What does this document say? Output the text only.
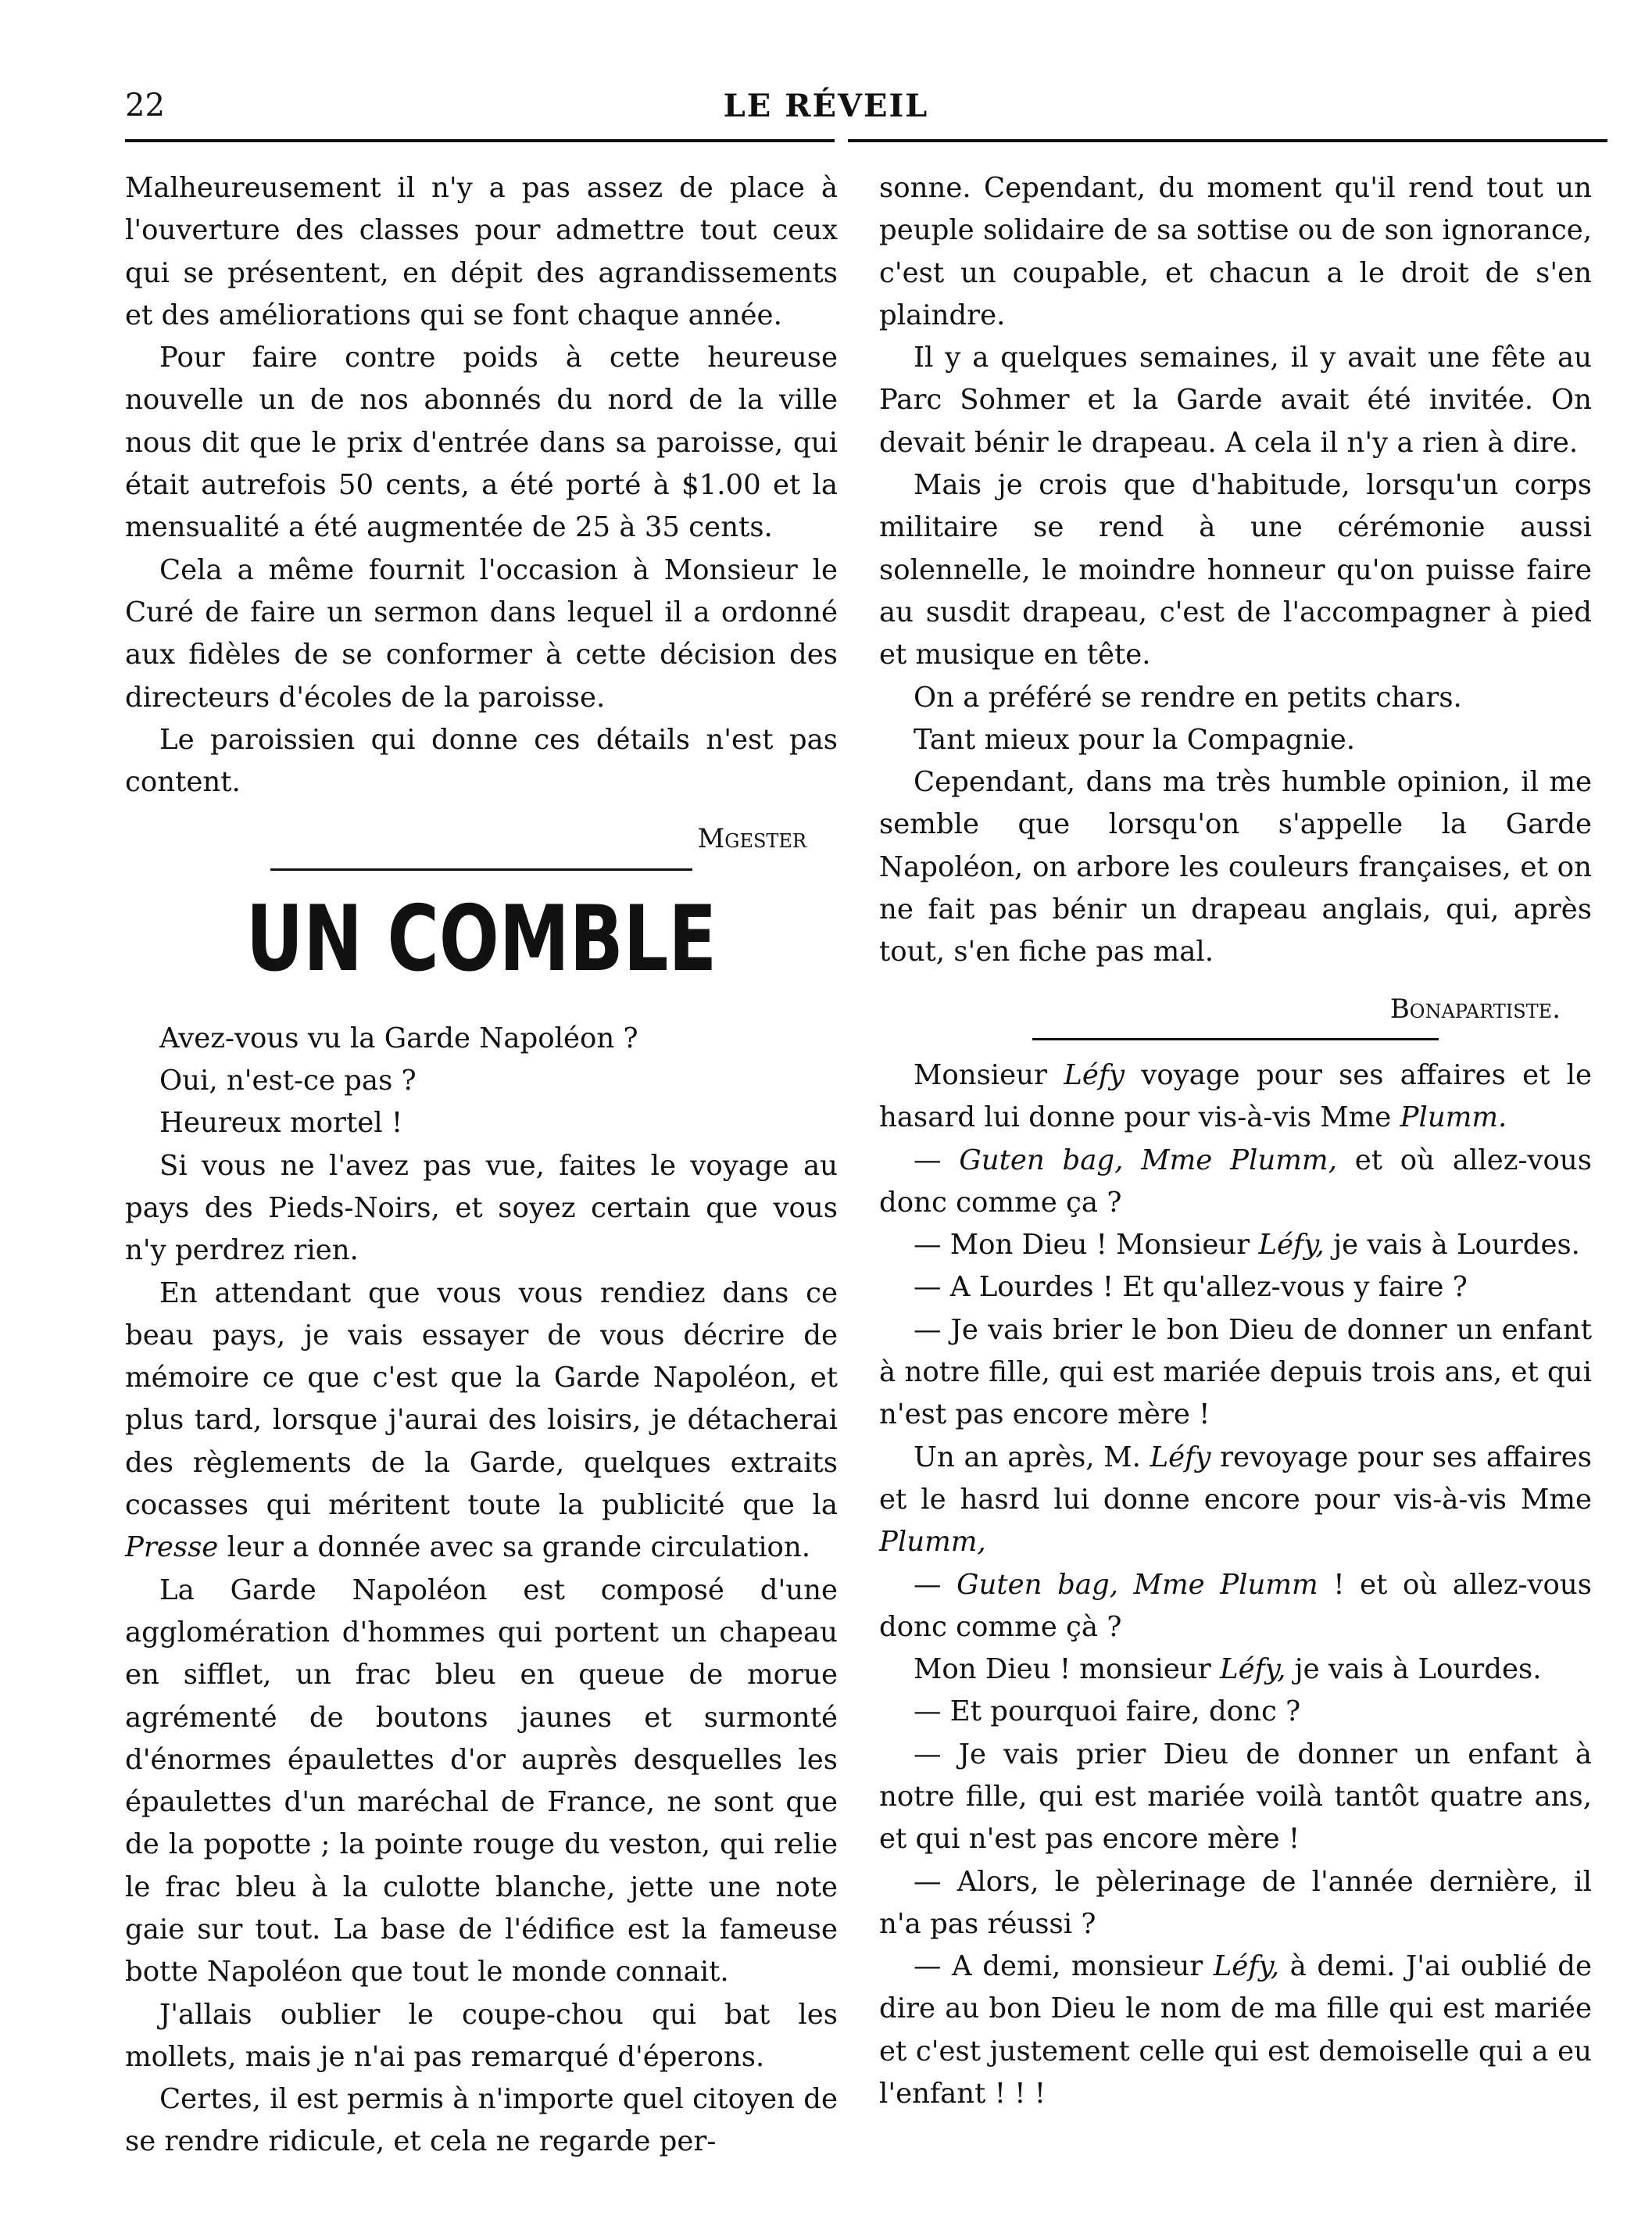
22	LE RÉVEIL

Malheureusement il n'y a pas assez de place à l'ouverture des classes pour admettre tout ceux qui se présentent, en dépit des agrandissements et des améliorations qui se font chaque année.

Pour faire contre poids à cette heureuse nouvelle un de nos abonnés du nord de la ville nous dit que le prix d'entrée dans sa paroisse, qui était autrefois 50 cents, a été porté à $1.00 et la mensualité a été augmentée de 25 à 35 cents.

Cela a même fournit l'occasion à Monsieur le Curé de faire un sermon dans lequel il a ordonné aux fidèles de se conformer à cette décision des directeurs d'écoles de la paroisse.

Le paroissien qui donne ces détails n'est pas content.

Mgester
UN COMBLE

Avez-vous vu la Garde Napoléon ?

Oui, n'est-ce pas ?

Heureux mortel !

Si vous ne l'avez pas vue, faites le voyage au pays des Pieds-Noirs, et soyez certain que vous n'y perdrez rien.

En attendant que vous vous rendiez dans ce beau pays, je vais essayer de vous décrire de mémoire ce que c'est que la Garde Napoléon, et plus tard, lorsque j'aurai des loisirs, je détacherai des règlements de la Garde, quelques extraits cocasses qui méritent toute la publicité que la Presse leur a donnée avec sa grande circulation.

La Garde Napoléon est composé d'une agglomération d'hommes qui portent un chapeau en sifflet, un frac bleu en queue de morue agrémenté de boutons jaunes et surmonté d'énormes épaulettes d'or auprès desquelles les épaulettes d'un maréchal de France, ne sont que de la popotte ; la pointe rouge du veston, qui relie le frac bleu à la culotte blanche, jette une note gaie sur tout. La base de l'édifice est la fameuse botte Napoléon que tout le monde connait.

J'allais oublier le coupe-chou qui bat les mollets, mais je n'ai pas remarqué d'éperons.

Certes, il est permis à n'importe quel citoyen de se rendre ridicule, et cela ne regarde per-

sonne. Cependant, du moment qu'il rend tout un peuple solidaire de sa sottise ou de son ignorance, c'est un coupable, et chacun a le droit de s'en plaindre.

Il y a quelques semaines, il y avait une fête au Parc Sohmer et la Garde avait été invitée. On devait bénir le drapeau. A cela il n'y a rien à dire.

Mais je crois que d'habitude, lorsqu'un corps militaire se rend à une cérémonie aussi solennelle, le moindre honneur qu'on puisse faire au susdit drapeau, c'est de l'accompagner à pied et musique en tête.

On a préféré se rendre en petits chars.

Tant mieux pour la Compagnie.

Cependant, dans ma très humble opinion, il me semble que lorsqu'on s'appelle la Garde Napoléon, on arbore les couleurs françaises, et on ne fait pas bénir un drapeau anglais, qui, après tout, s'en fiche pas mal.

Bonapartiste.

Monsieur Léfy voyage pour ses affaires et le hasard lui donne pour vis-à-vis Mme Plumm.

— Guten bag, Mme Plumm, et où allez-vous donc comme ça ?

— Mon Dieu ! Monsieur Léfy, je vais à Lourdes.

— A Lourdes ! Et qu'allez-vous y faire ?

— Je vais brier le bon Dieu de donner un enfant à notre fille, qui est mariée depuis trois ans, et qui n'est pas encore mère !

Un an après, M. Léfy revoyage pour ses affaires et le hasrd lui donne encore pour vis-à-vis Mme Plumm,

— Guten bag, Mme Plumm ! et où allez-vous donc comme çà ?

Mon Dieu ! monsieur Léfy, je vais à Lourdes.

— Et pourquoi faire, donc ?

— Je vais prier Dieu de donner un enfant à notre fille, qui est mariée voilà tantôt quatre ans, et qui n'est pas encore mère !

— Alors, le pèlerinage de l'année dernière, il n'a pas réussi ?

— A demi, monsieur Léfy, à demi. J'ai oublié de dire au bon Dieu le nom de ma fille qui est mariée et c'est justement celle qui est demoiselle qui a eu l'enfant ! ! !
